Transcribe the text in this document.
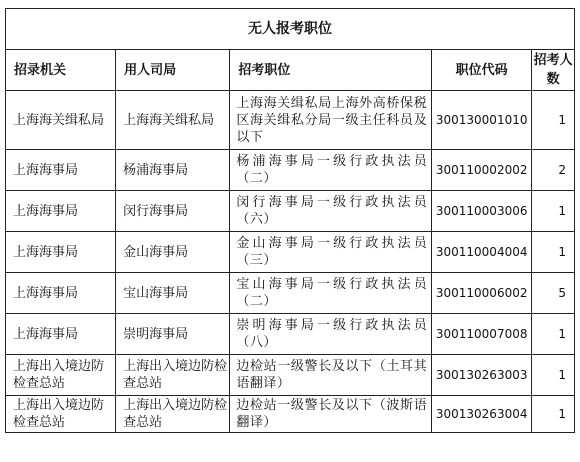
无人报考职位				
招录机关	用人司局	招考职位	职位代码	招考人数
上海海关缉私局	上海海关缉私局	上海海关缉私局上海外高桥保税区海关缉私分局一级主任科员及以下	300130001010	1
上海海事局	杨浦海事局	杨浦海事局一级行政执法员（二）	300110002002	2
上海海事局	闵行海事局	闵行海事局一级行政执法员（六）	300110003006	1
上海海事局	金山海事局	金山海事局一级行政执法员（三）	300110004004	1
上海海事局	宝山海事局	宝山海事局一级行政执法员（二）	300110006002	5
上海海事局	崇明海事局	崇明海事局一级行政执法员（八）	300110007008	1
上海出入境边防检查总站	上海出入境边防检查总站	边检站一级警长及以下（土耳其语翻译）	300130263003	1
上海出入境边防检查总站	上海出入境边防检查总站	边检站一级警长及以下（波斯语翻译）	300130263004	1
